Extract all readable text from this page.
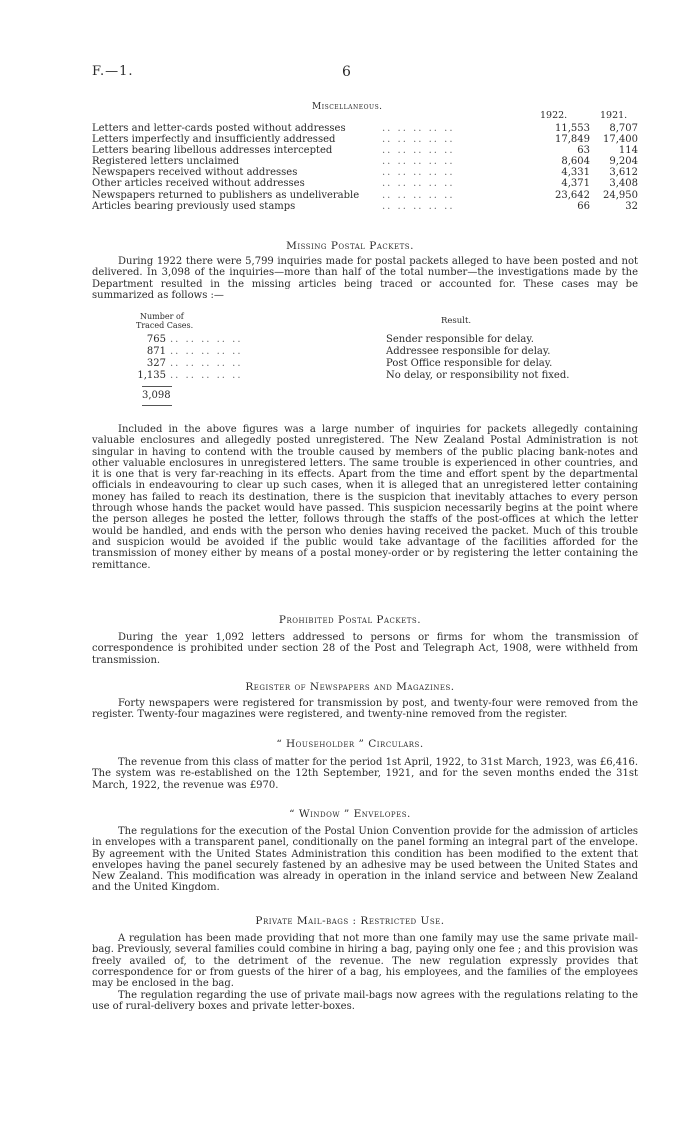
F.—1.	6
Miscellaneous.
1922.	1921.
Letters and letter-cards posted without addresses	.. .. .. .. ..	11,553	8,707
Letters imperfectly and insufficiently addressed	.. .. .. .. ..	17,849	17,400
Letters bearing libellous addresses intercepted	.. .. .. .. ..	63	114
Registered letters unclaimed	.. .. .. .. ..	8,604	9,204
Newspapers received without addresses	.. .. .. .. ..	4,331	3,612
Other articles received without addresses	.. .. .. .. ..	4,371	3,408
Newspapers returned to publishers as undeliverable	.. .. .. .. ..	23,642	24,950
Articles bearing previously used stamps	.. .. .. .. ..	66	32
Missing Postal Packets.

During 1922 there were 5,799 inquiries made for postal packets alleged to have been posted and not delivered. In 3,098 of the inquiries—more than half of the total number—the investigations made by the Department resulted in the missing articles being traced or accounted for. These cases may be summarized as follows :—

Number of
Traced Cases.	Result.
765 .. .. .. .. ..	Sender responsible for delay.
871 .. .. .. .. ..	Addressee responsible for delay.
327 .. .. .. .. ..	Post Office responsible for delay.
1,135 .. .. .. .. ..	No delay, or responsibility not fixed.
3,098

Included in the above figures was a large number of inquiries for packets allegedly containing valuable enclosures and allegedly posted unregistered. The New Zealand Postal Administration is not singular in having to contend with the trouble caused by members of the public placing bank-notes and other valuable enclosures in unregistered letters. The same trouble is experienced in other countries, and it is one that is very far-reaching in its effects. Apart from the time and effort spent by the departmental officials in endeavouring to clear up such cases, when it is alleged that an unregistered letter containing money has failed to reach its destination, there is the suspicion that inevitably attaches to every person through whose hands the packet would have passed. This suspicion necessarily begins at the point where the person alleges he posted the letter, follows through the staffs of the post-offices at which the letter would be handled, and ends with the person who denies having received the packet. Much of this trouble and suspicion would be avoided if the public would take advantage of the facilities afforded for the transmission of money either by means of a postal money-order or by registering the letter containing the remittance.

Prohibited Postal Packets.

During the year 1,092 letters addressed to persons or firms for whom the transmission of correspondence is prohibited under section 28 of the Post and Telegraph Act, 1908, were withheld from transmission.

Register of Newspapers and Magazines.

Forty newspapers were registered for transmission by post, and twenty-four were removed from the register. Twenty-four magazines were registered, and twenty-nine removed from the register.

“ Householder ” Circulars.

The revenue from this class of matter for the period 1st April, 1922, to 31st March, 1923, was £6,416. The system was re-established on the 12th September, 1921, and for the seven months ended the 31st March, 1922, the revenue was £970.

“ Window ” Envelopes.

The regulations for the execution of the Postal Union Convention provide for the admission of articles in envelopes with a transparent panel, conditionally on the panel forming an integral part of the envelope. By agreement with the United States Administration this condition has been modified to the extent that envelopes having the panel securely fastened by an adhesive may be used between the United States and New Zealand. This modification was already in operation in the inland service and between New Zealand and the United Kingdom.

Private Mail-bags : Restricted Use.

A regulation has been made providing that not more than one family may use the same private mail-bag. Previously, several families could combine in hiring a bag, paying only one fee ; and this provision was freely availed of, to the detriment of the revenue. The new regulation expressly provides that correspondence for or from guests of the hirer of a bag, his employees, and the families of the employees may be enclosed in the bag.

The regulation regarding the use of private mail-bags now agrees with the regulations relating to the use of rural-delivery boxes and private letter-boxes.
